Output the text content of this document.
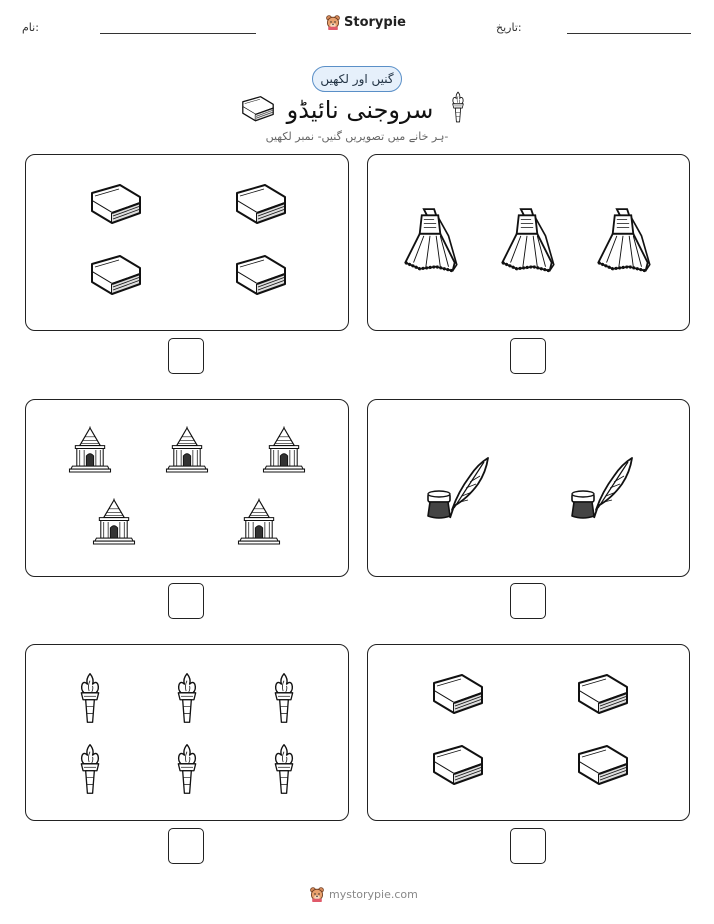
نام:	Storypie	تاریخ:
گنیں اور لکھیں
سروجنی نائیڈو
ہر خانے میں تصویریں گنیں- نمبر لکھیں-
mystorypie.com
